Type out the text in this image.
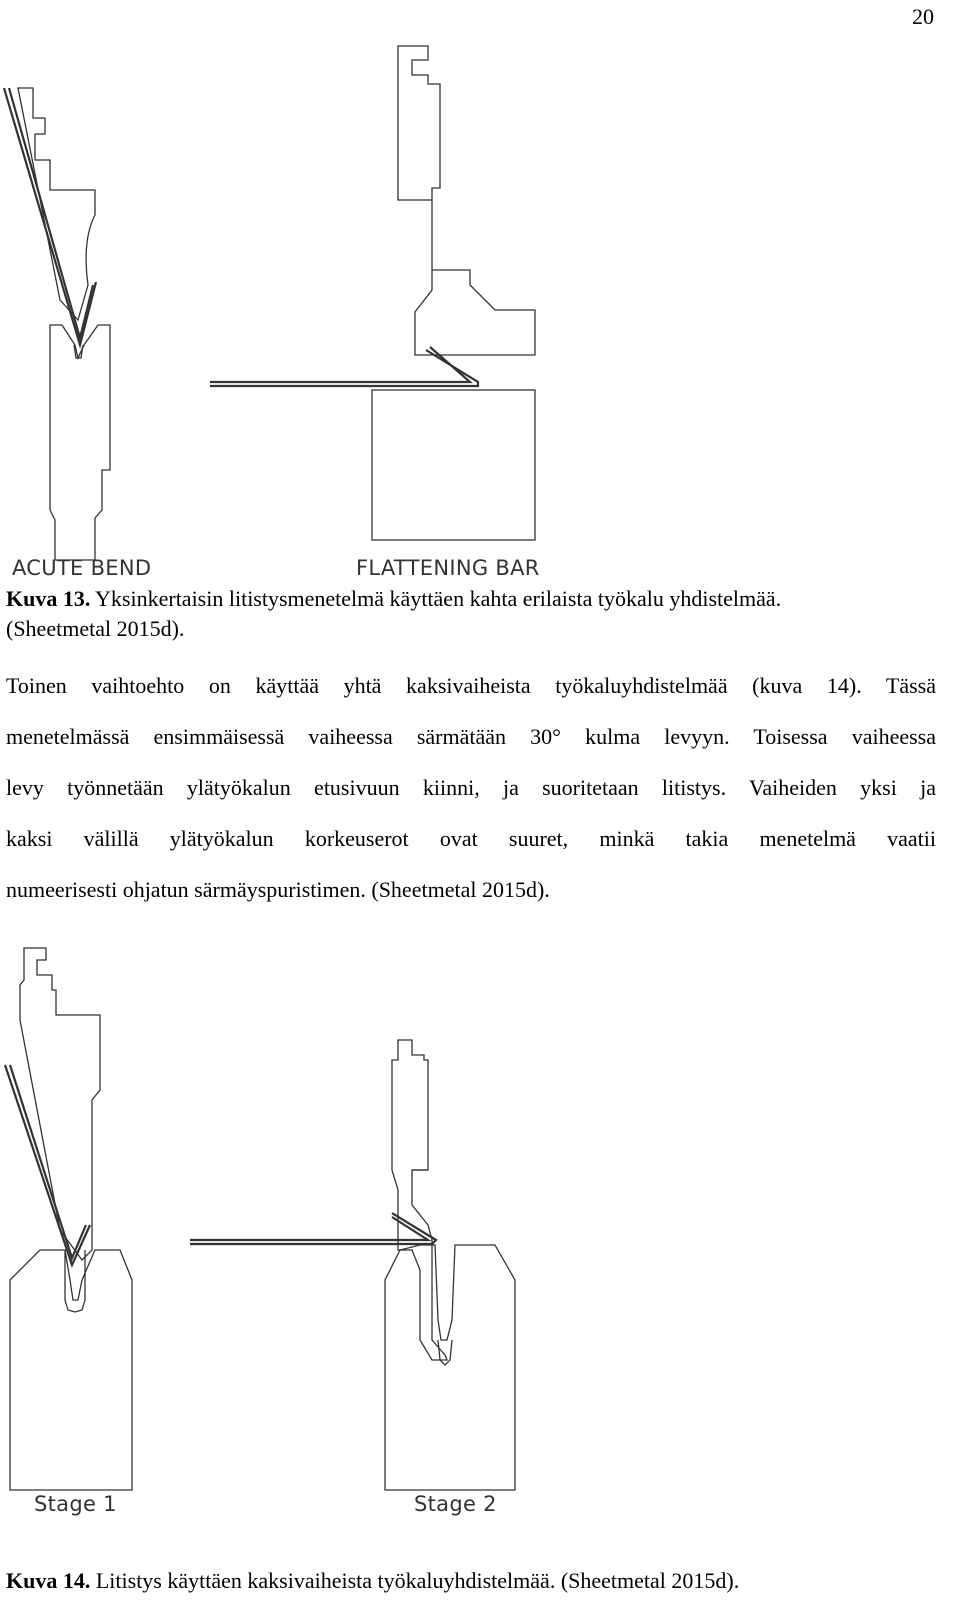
20
ACUTE BEND	FLATTENING BAR
Kuva 13. Yksinkertaisin litistysmenetelmä käyttäen kahta erilaista työkalu yhdistelmää.
(Sheetmetal 2015d).
Toinen vaihtoehto on käyttää yhtä kaksivaiheista työkaluyhdistelmää (kuva 14). Tässä
menetelmässä ensimmäisessä vaiheessa särmätään 30° kulma levyyn. Toisessa vaiheessa
levy työnnetään ylätyökalun etusivuun kiinni, ja suoritetaan litistys. Vaiheiden yksi ja
kaksi välillä ylätyökalun korkeuserot ovat suuret, minkä takia menetelmä vaatii
numeerisesti ohjatun särmäyspuristimen. (Sheetmetal 2015d).
Stage 1	Stage 2
Kuva 14. Litistys käyttäen kaksivaiheista työkaluyhdistelmää. (Sheetmetal 2015d).
